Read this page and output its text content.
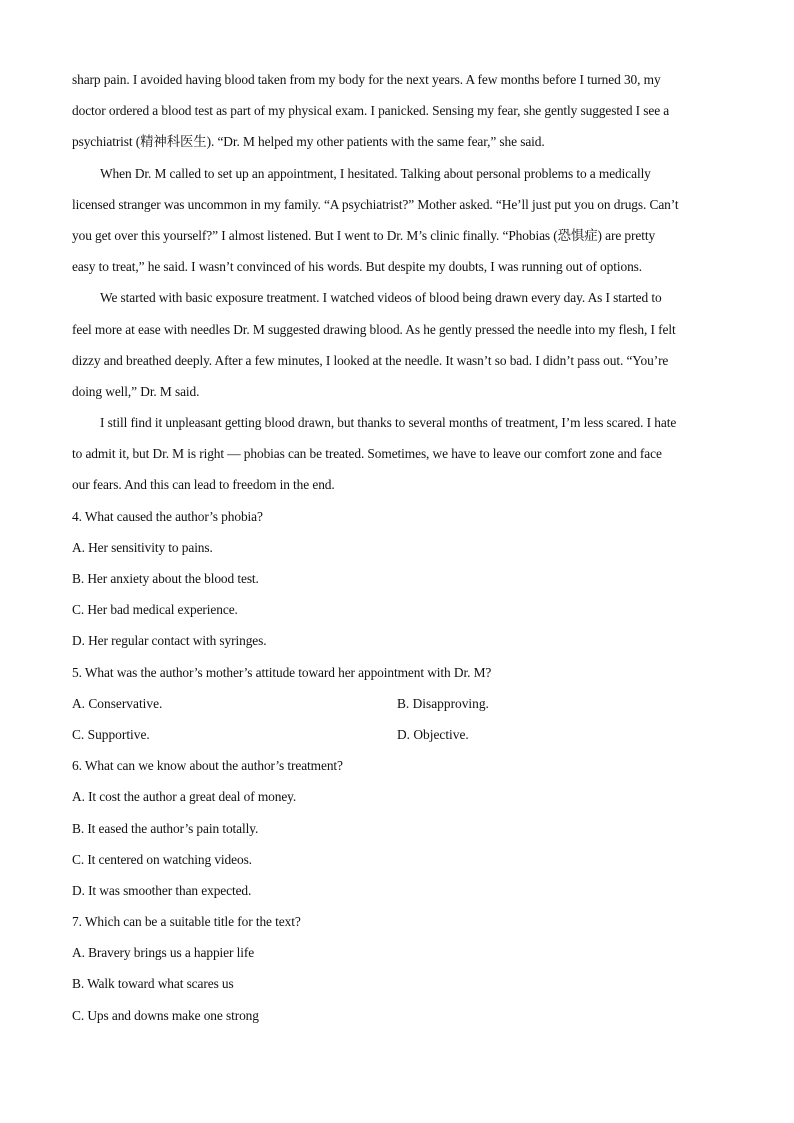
sharp pain. I avoided having blood taken from my body for the next years. A few months before I turned 30, my
doctor ordered a blood test as part of my physical exam. I panicked. Sensing my fear, she gently suggested I see a
psychiatrist (精神科医生). “Dr. M helped my other patients with the same fear,” she said.
When Dr. M called to set up an appointment, I hesitated. Talking about personal problems to a medically
licensed stranger was uncommon in my family. “A psychiatrist?” Mother asked. “He’ll just put you on drugs. Can’t
you get over this yourself?” I almost listened. But I went to Dr. M’s clinic finally. “Phobias (恐惧症) are pretty
easy to treat,” he said. I wasn’t convinced of his words. But despite my doubts, I was running out of options.
We started with basic exposure treatment. I watched videos of blood being drawn every day. As I started to
feel more at ease with needles Dr. M suggested drawing blood. As he gently pressed the needle into my flesh, I felt
dizzy and breathed deeply. After a few minutes, I looked at the needle. It wasn’t so bad. I didn’t pass out. “You’re
doing well,” Dr. M said.
I still find it unpleasant getting blood drawn, but thanks to several months of treatment, I’m less scared. I hate
to admit it, but Dr. M is right — phobias can be treated. Sometimes, we have to leave our comfort zone and face
our fears. And this can lead to freedom in the end.
4. What caused the author’s phobia?
A. Her sensitivity to pains.
B. Her anxiety about the blood test.
C. Her bad medical experience.
D. Her regular contact with syringes.
5. What was the author’s mother’s attitude toward her appointment with Dr. M?
A. Conservative.	B. Disapproving.
C. Supportive.	D. Objective.
6. What can we know about the author’s treatment?
A. It cost the author a great deal of money.
B. It eased the author’s pain totally.
C. It centered on watching videos.
D. It was smoother than expected.
7. Which can be a suitable title for the text?
A. Bravery brings us a happier life
B. Walk toward what scares us
C. Ups and downs make one strong
